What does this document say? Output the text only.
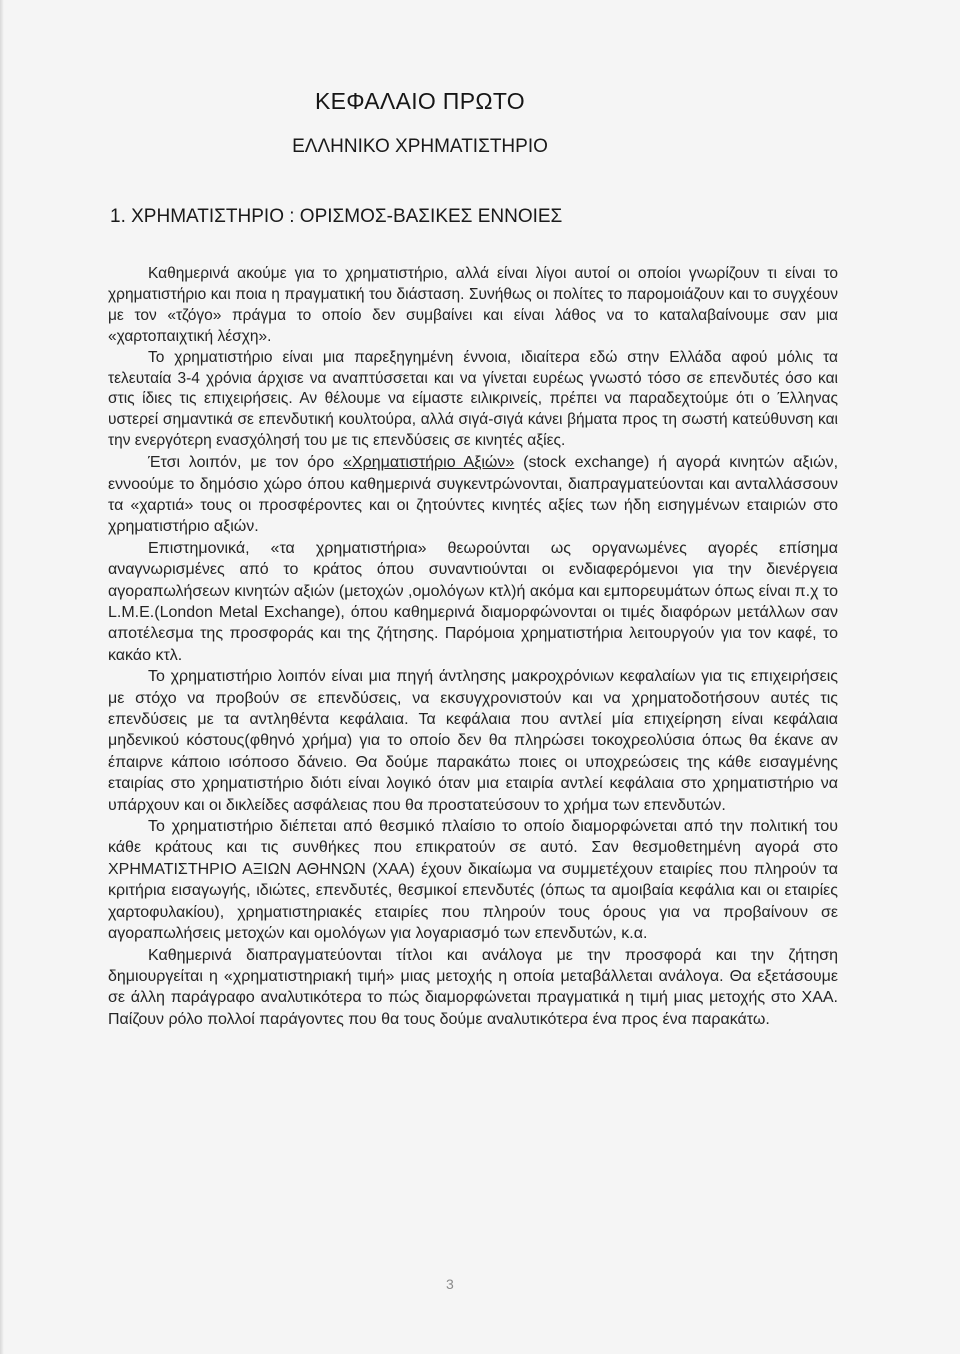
ΚΕΦΑΛΑΙΟ ΠΡΩΤΟ
ΕΛΛΗΝΙΚΟ ΧΡΗΜΑΤΙΣΤΗΡΙΟ
1. ΧΡΗΜΑΤΙΣΤΗΡΙΟ : ΟΡΙΣΜΟΣ-ΒΑΣΙΚΕΣ ΕΝΝΟΙΕΣ

Καθημερινά ακούμε για το χρηματιστήριο, αλλά είναι λίγοι αυτοί οι οποίοι γνωρίζουν τι είναι το χρηματιστήριο και ποια η πραγματική του διάσταση. Συνήθως οι πολίτες το παρομοιάζουν και το συγχέουν με τον «τζόγο» πράγμα το οποίο δεν συμβαίνει και είναι λάθος να το καταλαβαίνουμε σαν μια «χαρτοπαιχτική λέσχη».

Το χρηματιστήριο είναι μια παρεξηγημένη έννοια, ιδιαίτερα εδώ στην Ελλάδα αφού μόλις τα τελευταία 3-4 χρόνια άρχισε να αναπτύσσεται και να γίνεται ευρέως γνωστό τόσο σε επενδυτές όσο και στις ίδιες τις επιχειρήσεις. Αν θέλουμε να είμαστε ειλικρινείς, πρέπει να παραδεχτούμε ότι ο Έλληνας υστερεί σημαντικά σε επενδυτική κουλτούρα, αλλά σιγά-σιγά κάνει βήματα προς τη σωστή κατεύθυνση και την ενεργότερη ενασχόλησή του με τις επενδύσεις σε κινητές αξίες.

Έτσι λοιπόν, με τον όρο «Χρηματιστήριο Αξιών» (stock exchange) ή αγορά κινητών αξιών, εννοούμε το δημόσιο χώρο όπου καθημερινά συγκεντρώνονται, διαπραγματεύονται και ανταλλάσσουν τα «χαρτιά» τους οι προσφέροντες και οι ζητούντες κινητές αξίες των ήδη εισηγμένων εταιριών στο χρηματιστήριο αξιών.

Επιστημονικά, «τα χρηματιστήρια» θεωρούνται ως οργανωμένες αγορές επίσημα αναγνωρισμένες από το κράτος όπου συναντιούνται οι ενδιαφερόμενοι για την διενέργεια αγοραπωλήσεων κινητών αξιών (μετοχών ,ομολόγων κτλ)ή ακόμα και εμπορευμάτων όπως είναι π.χ το L.M.E.(London Metal Exchange), όπου καθημερινά διαμορφώνονται οι τιμές διαφόρων μετάλλων σαν αποτέλεσμα της προσφοράς και της ζήτησης. Παρόμοια χρηματιστήρια λειτουργούν για τον καφέ, το κακάο κτλ.

Το χρηματιστήριο λοιπόν είναι μια πηγή άντλησης μακροχρόνιων κεφαλαίων για τις επιχειρήσεις με στόχο να προβούν σε επενδύσεις, να εκσυγχρονιστούν και να χρηματοδοτήσουν αυτές τις επενδύσεις με τα αντληθέντα κεφάλαια. Τα κεφάλαια που αντλεί μία επιχείρηση είναι κεφάλαια μηδενικού κόστους(φθηνό χρήμα) για το οποίο δεν θα πληρώσει τοκοχρεολύσια όπως θα έκανε αν έπαιρνε κάποιο ισόποσο δάνειο. Θα δούμε παρακάτω ποιες οι υποχρεώσεις της κάθε εισαγμένης εταιρίας στο χρηματιστήριο διότι είναι λογικό όταν μια εταιρία αντλεί κεφάλαια στο χρηματιστήριο να υπάρχουν και οι δικλείδες ασφάλειας που θα προστατεύσουν το χρήμα των επενδυτών.

Το χρηματιστήριο διέπεται από θεσμικό πλαίσιο το οποίο διαμορφώνεται από την πολιτική του κάθε κράτους και τις συνθήκες που επικρατούν σε αυτό. Σαν θεσμοθετημένη αγορά στο ΧΡΗΜΑΤΙΣΤΗΡΙΟ ΑΞΙΩΝ ΑΘΗΝΩΝ (ΧΑΑ) έχουν δικαίωμα να συμμετέχουν εταιρίες που πληρούν τα κριτήρια εισαγωγής, ιδιώτες, επενδυτές, θεσμικοί επενδυτές (όπως τα αμοιβαία κεφάλια και οι εταιρίες χαρτοφυλακίου), χρηματιστηριακές εταιρίες που πληρούν τους όρους για να προβαίνουν σε αγοραπωλήσεις μετοχών και ομολόγων για λογαριασμό των επενδυτών, κ.α.

Καθημερινά διαπραγματεύονται τίτλοι και ανάλογα με την προσφορά και την ζήτηση δημιουργείται η «χρηματιστηριακή τιμή» μιας μετοχής η οποία μεταβάλλεται ανάλογα. Θα εξετάσουμε σε άλλη παράγραφο αναλυτικότερα το πώς διαμορφώνεται πραγματικά η τιμή μιας μετοχής στο ΧΑΑ. Παίζουν ρόλο πολλοί παράγοντες που θα τους δούμε αναλυτικότερα ένα προς ένα παρακάτω.

3
